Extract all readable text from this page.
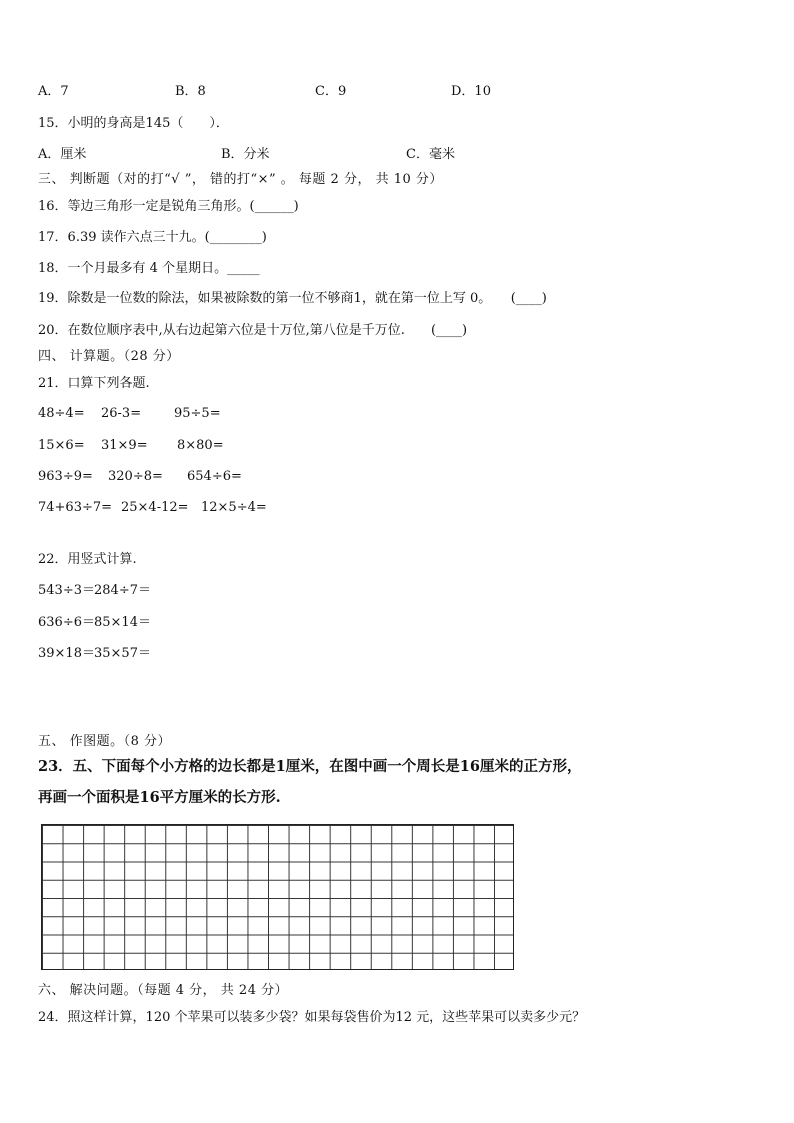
A．7	B．8	C．9	D．10
15．小明的身高是145（　　）．
A．厘米	B．分米	C．毫米
三、 判断题（对的打“√ ”， 错的打“×” 。 每题 2 分， 共 10 分）
16．等边三角形一定是锐角三角形。(______)
17．6.39 读作六点三十九。(________)
18．一个月最多有 4 个星期日。_____
19．除数是一位数的除法，如果被除数的第一位不够商1，就在第一位上写 0。　　(____)
20．在数位顺序表中,从右边起第六位是十万位,第八位是千万位.　　(____)
四、 计算题。（28 分）
21．口算下列各题.
48÷4= 26-3=	95÷5=
15×6= 31×9= 8×80=
963÷9= 320÷8= 654÷6=
74+63÷7= 25×4-12= 12×5÷4=
22．用竖式计算.
543÷3＝ 284÷7＝
636÷6＝ 85×14＝
39×18＝ 35×57＝
五、 作图题。（8 分）
23．五、下面每个小方格的边长都是1厘米，在图中画一个周长是16厘米的正方形，
再画一个面积是16平方厘米的长方形.
六、 解决问题。（每题 4 分， 共 24 分）
24．照这样计算，120 个苹果可以装多少袋？如果每袋售价为12 元，这些苹果可以卖多少元？
